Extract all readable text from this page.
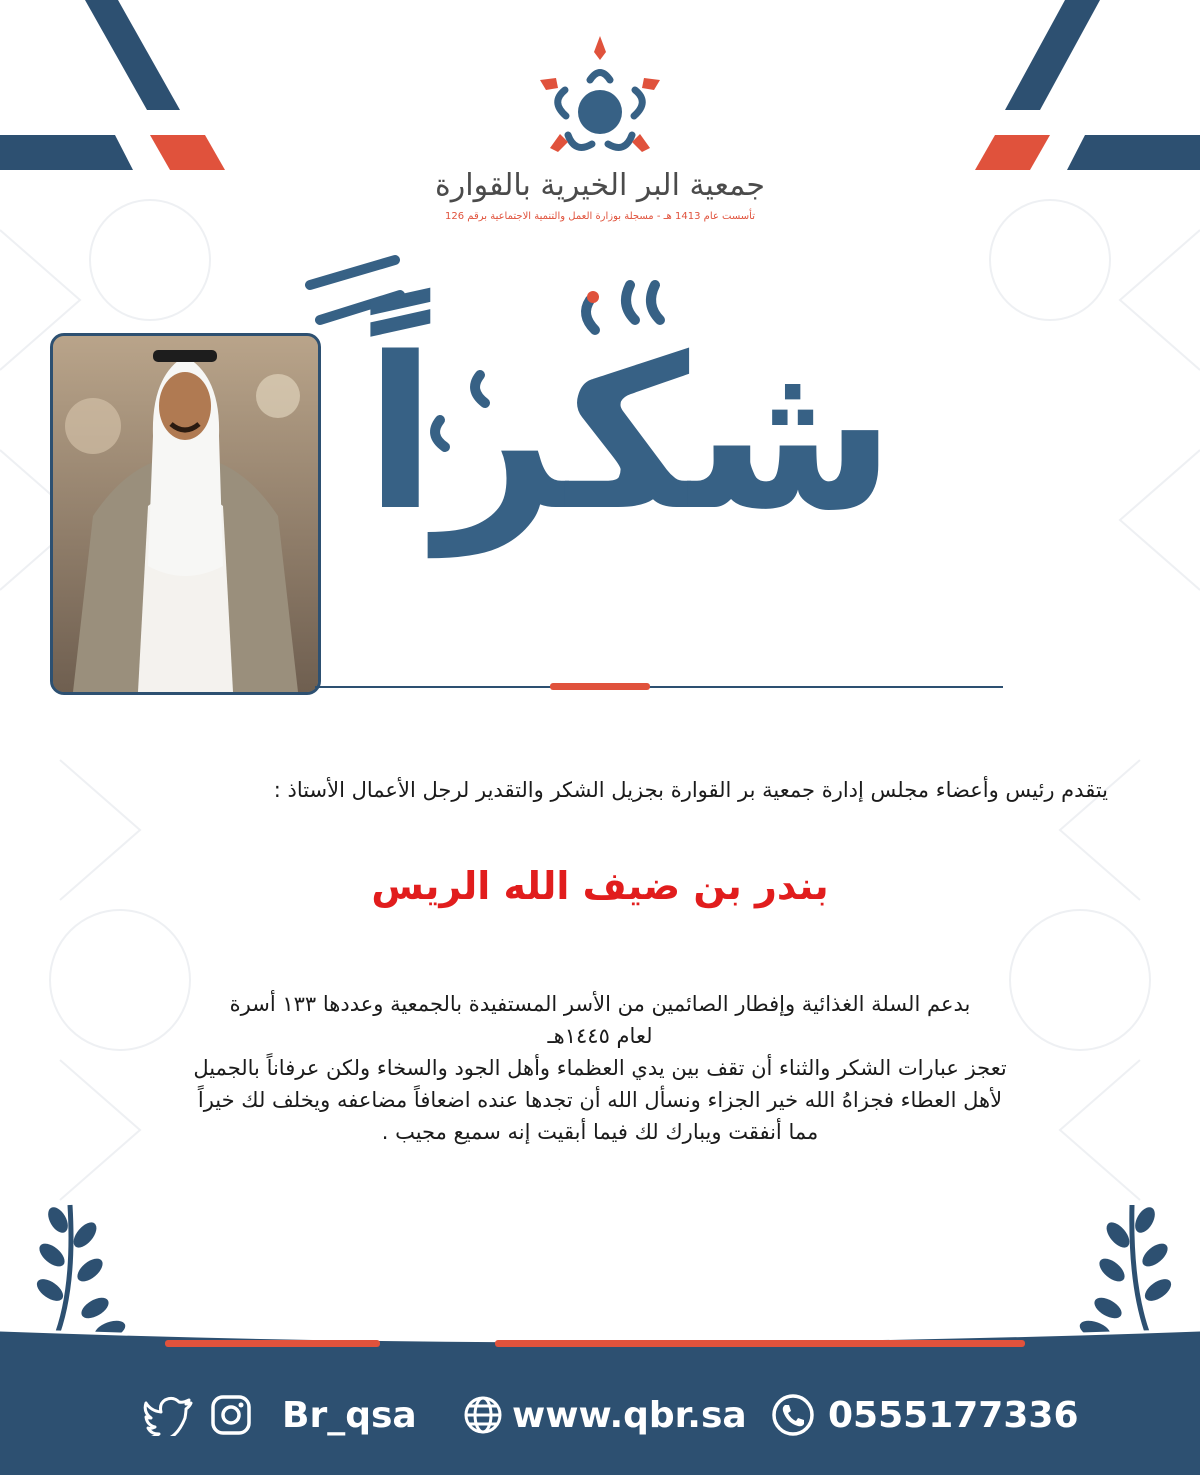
جمعية البر الخيرية بالقوارة
تأسست عام 1413 هـ - مسجلة بوزارة العمل والتنمية الاجتماعية برقم 126
شكراً
يتقدم رئيس وأعضاء مجلس إدارة جمعية بر القوارة بجزيل الشكر والتقدير لرجل الأعمال الأستاذ :
بندر بن ضيف الله الريس

بدعم السلة الغذائية وإفطار الصائمين من الأسر المستفيدة بالجمعية وعددها ١٣٣ أسرة

لعام ١٤٤٥هـ

تعجز عبارات الشكر والثناء أن تقف بين يدي العظماء وأهل الجود والسخاء ولكن عرفاناً بالجميل

لأهل العطاء فجزاهُ الله خير الجزاء ونسأل الله أن تجدها عنده اضعافاً مضاعفه ويخلف لك خيراً

مما أنفقت ويبارك لك فيما أبقيت إنه سميع مجيب .

Br_qsa	www.qbr.sa 0555177336
